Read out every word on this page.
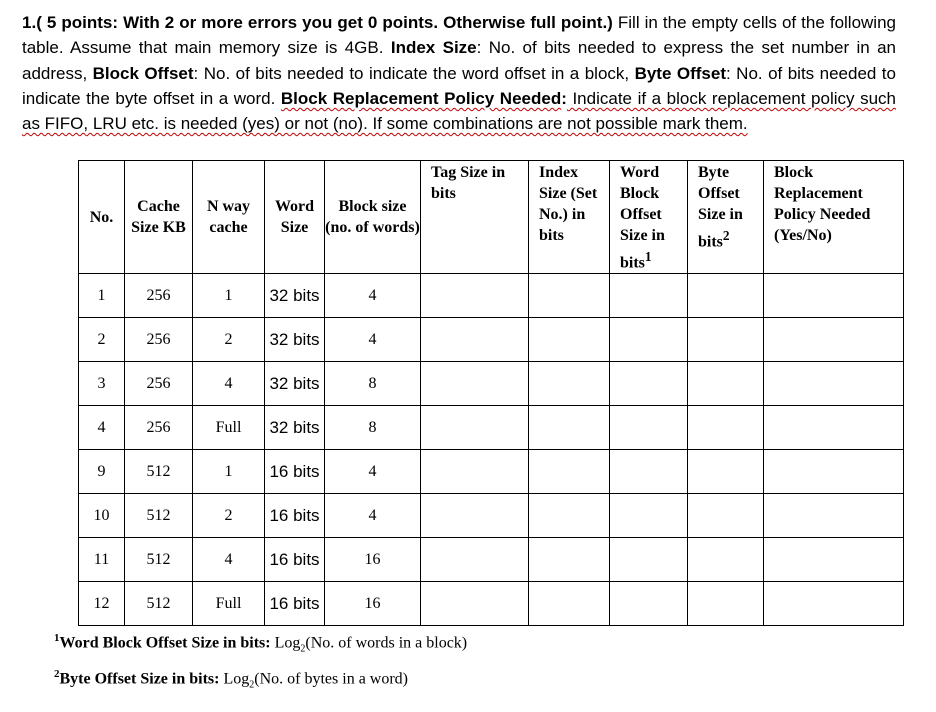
1.( 5 points: With 2 or more errors you get 0 points. Otherwise full point.) Fill in the empty cells of the following table. Assume that main memory size is 4GB. Index Size: No. of bits needed to express the set number in an address, Block Offset: No. of bits needed to indicate the word offset in a block, Byte Offset: No. of bits needed to indicate the byte offset in a word. Block Replacement Policy Needed: Indicate if a block replacement policy such as FIFO, LRU etc. is needed (yes) or not (no). If some combinations are not possible mark them.
No.	Cache Size KB	N way cache	Word Size	Block size (no. of words)	Tag Size in bits	Index Size (Set No.) in bits	Word Block Offset Size in bits$^1$	Byte Offset Size in bits$^2$	Block Replacement Policy Needed (Yes/No)
1	256	1	32 bits	4					
2	256	2	32 bits	4					
3	256	4	32 bits	8					
4	256	Full	32 bits	8					
9	512	1	16 bits	4					
10	512	2	16 bits	4					
11	512	4	16 bits	16					
12	512	Full	16 bits	16					
$^1$Word Block Offset Size in bits: Log$_2$(No. of words in a block)
$^2$Byte Offset Size in bits: Log$_2$(No. of bytes in a word)
